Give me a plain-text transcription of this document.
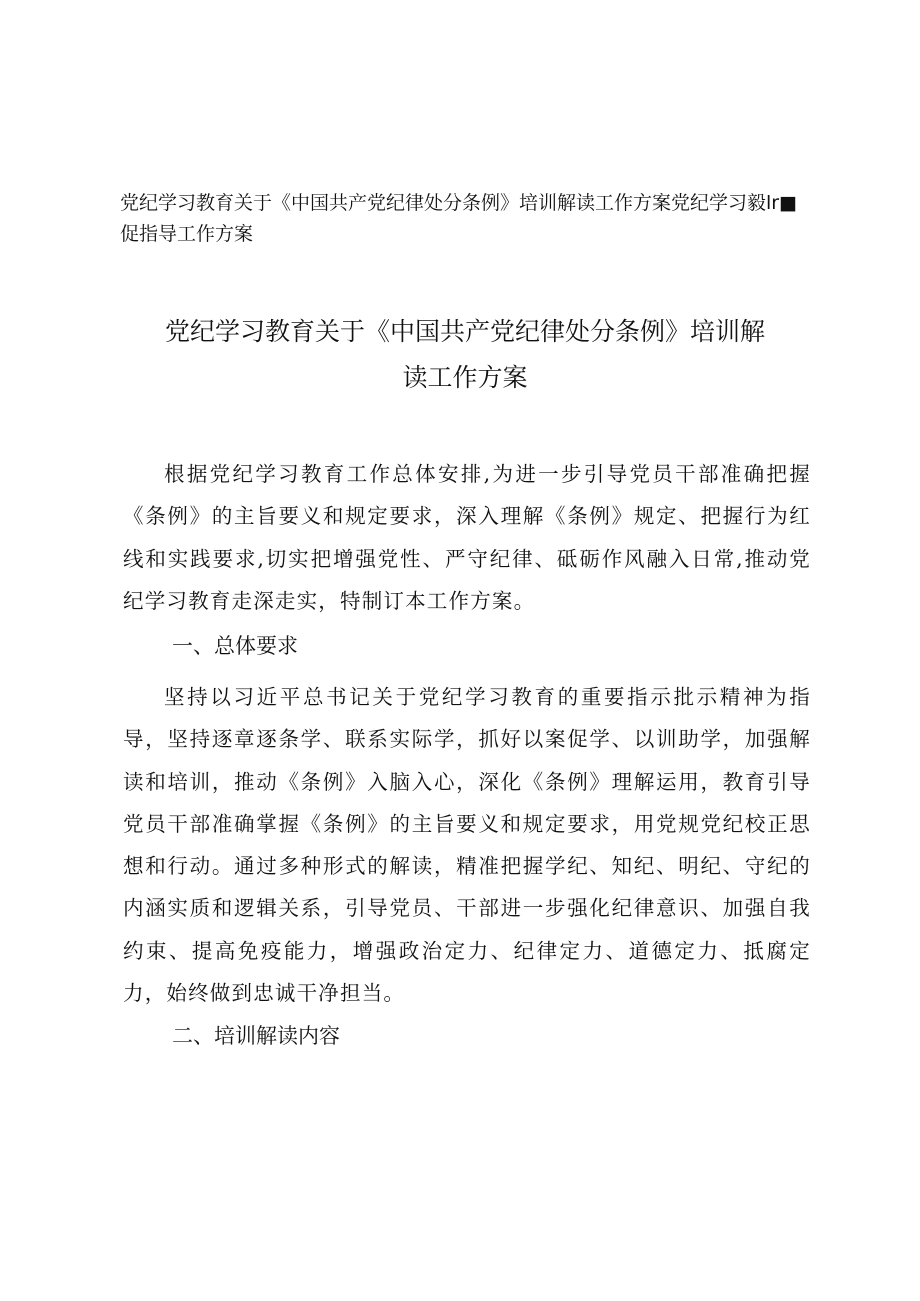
党纪学习教育关于《中国共产党纪律处分条例》培训解读工作方案党纪学习毅lr■促指导工作方案
党纪学习教育关于《中国共产党纪律处分条例》培训解
读工作方案
根据党纪学习教育工作总体安排,为进一步引导党员干部准确把握《条例》的主旨要义和规定要求，深入理解《条例》规定、把握行为红线和实践要求,切实把增强党性、严守纪律、砥砺作风融入日常,推动党纪学习教育走深走实，特制订本工作方案。
一、总体要求
坚持以习近平总书记关于党纪学习教育的重要指示批示精神为指导，坚持逐章逐条学、联系实际学，抓好以案促学、以训助学，加强解读和培训，推动《条例》入脑入心，深化《条例》理解运用，教育引导党员干部准确掌握《条例》的主旨要义和规定要求，用党规党纪校正思想和行动。通过多种形式的解读，精准把握学纪、知纪、明纪、守纪的内涵实质和逻辑关系，引导党员、干部进一步强化纪律意识、加强自我约束、提高免疫能力，增强政治定力、纪律定力、道德定力、抵腐定力，始终做到忠诚干净担当。
二、培训解读内容
